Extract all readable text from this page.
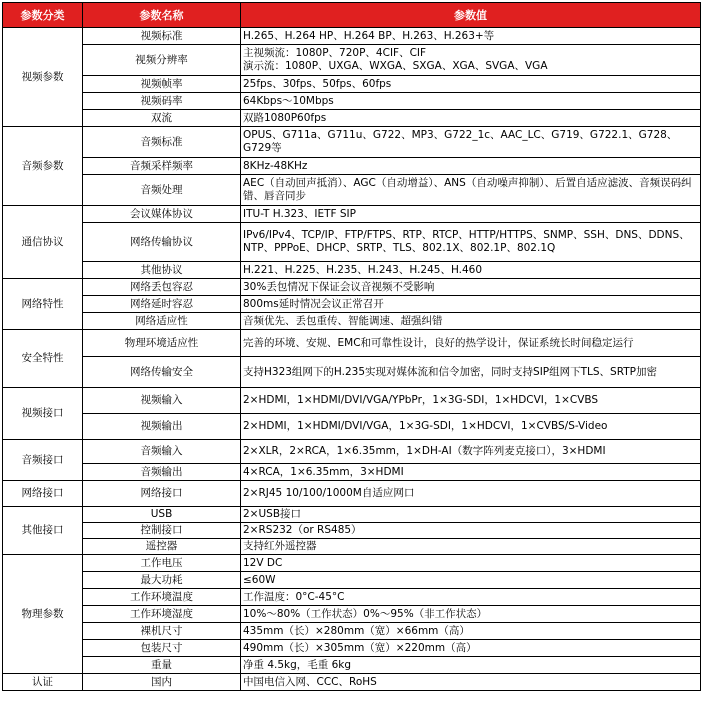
参数分类	参数名称	参数值
视频参数	视频标准	H.265、H.264 HP、H.264 BP、H.263、H.263+等
	视频分辨率	主视频流：1080P、720P、4CIF、CIF
演示流：1080P、UXGA、WXGA、SXGA、XGA、SVGA、VGA
	视频帧率	25fps、30fps、50fps、60fps
	视频码率	64Kbps～10Mbps
	双流	双路1080P60fps
音频参数	音频标准	OPUS、G711a、G711u、G722、MP3、G722_1c、AAC_LC、G719、G722.1、G728、G729等
	音频采样频率	8KHz-48KHz
	音频处理	AEC（自动回声抵消）、AGC（自动增益）、ANS（自动噪声抑制）、后置自适应滤波、音频误码纠错、唇音同步
通信协议	会议媒体协议	ITU-T H.323、IETF SIP
	网络传输协议	IPv6/IPv4、TCP/IP、FTP/FTPS、RTP、RTCP、HTTP/HTTPS、SNMP、SSH、DNS、DDNS、NTP、PPPoE、DHCP、SRTP、TLS、802.1X、802.1P、802.1Q
	其他协议	H.221、H.225、H.235、H.243、H.245、H.460
网络特性	网络丢包容忍	30%丢包情况下保证会议音视频不受影响
	网络延时容忍	800ms延时情况会议正常召开
	网络适应性	音频优先、丢包重传、智能调速、超强纠错
安全特性	物理环境适应性	完善的环境、安规、EMC和可靠性设计，良好的热学设计，保证系统长时间稳定运行
	网络传输安全	支持H323组网下的H.235实现对媒体流和信令加密，同时支持SIP组网下TLS、SRTP加密
视频接口	视频输入	2×HDMI，1×HDMI/DVI/VGA/YPbPr，1×3G-SDI，1×HDCVI，1×CVBS
	视频输出	2×HDMI，1×HDMI/DVI/VGA，1×3G-SDI，1×HDCVI，1×CVBS/S-Video
音频接口	音频输入	2×XLR，2×RCA，1×6.35mm，1×DH-AI（数字阵列麦克接口），3×HDMI
	音频输出	4×RCA，1×6.35mm，3×HDMI
网络接口	网络接口	2×RJ45 10/100/1000M自适应网口
其他接口	USB	2×USB接口
	控制接口	2×RS232（or RS485）
	遥控器	支持红外遥控器
物理参数	工作电压	12V DC
	最大功耗	≤60W
	工作环境温度	工作温度：0°C-45°C
	工作环境湿度	10%～80%（工作状态）0%～95%（非工作状态）
	裸机尺寸	435mm（长）×280mm（宽）×66mm（高）
	包装尺寸	490mm（长）×305mm（宽）×220mm（高）
	重量	净重 4.5kg，毛重 6kg
认证	国内	中国电信入网、CCC、RoHS
